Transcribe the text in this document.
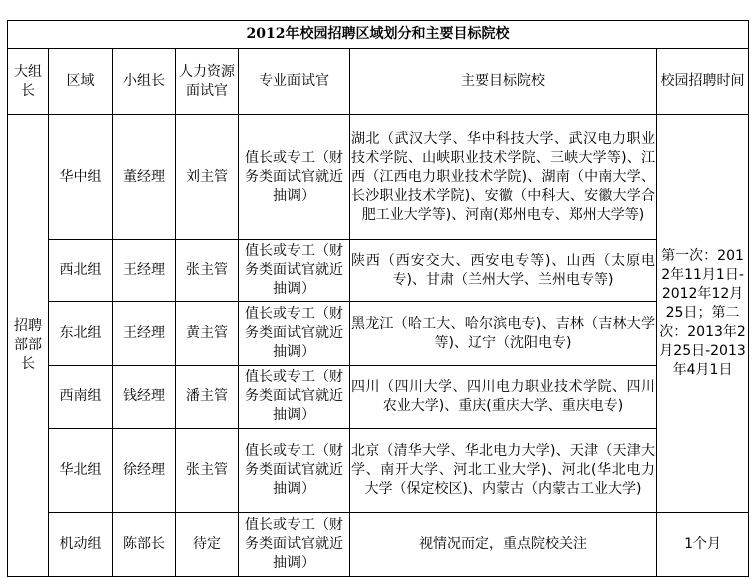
2012年校园招聘区域划分和主要目标院校						
大组长	区域	小组长	人力资源面试官	专业面试官	主要目标院校	校园招聘时间
招聘部部长	华中组	董经理	刘主管	值长或专工（财务类面试官就近抽调）	湖北（武汉大学、华中科技大学、武汉电力职业技术学院、山峡职业技术学院、三峡大学等)、江西（江西电力职业技术学院)、湖南（中南大学、长沙职业技术学院)、安徽（中科大、安徽大学合肥工业大学等)、河南(郑州电专、郑州大学等)	第一次：2012年11月1日-2012年12月25日；第二次：2013年2月25日-2013年4月1日
	西北组	王经理	张主管	值长或专工（财务类面试官就近抽调）	陕西（西安交大、西安电专等)、山西（太原电专)、甘肃（兰州大学、兰州电专等)	
	东北组	王经理	黄主管	值长或专工（财务类面试官就近抽调）	黑龙江（哈工大、哈尔滨电专)、吉林（吉林大学等)、辽宁（沈阳电专)	
	西南组	钱经理	潘主管	值长或专工（财务类面试官就近抽调）	四川（四川大学、四川电力职业技术学院、四川农业大学)、重庆(重庆大学、重庆电专)	
	华北组	徐经理	张主管	值长或专工（财务类面试官就近抽调）	北京（清华大学、华北电力大学)、天津（天津大学、南开大学、河北工业大学)、河北(华北电力大学（保定校区)、内蒙古（内蒙古工业大学)	
	机动组	陈部长	待定	值长或专工（财务类面试官就近抽调）	视情况而定，重点院校关注	1个月
